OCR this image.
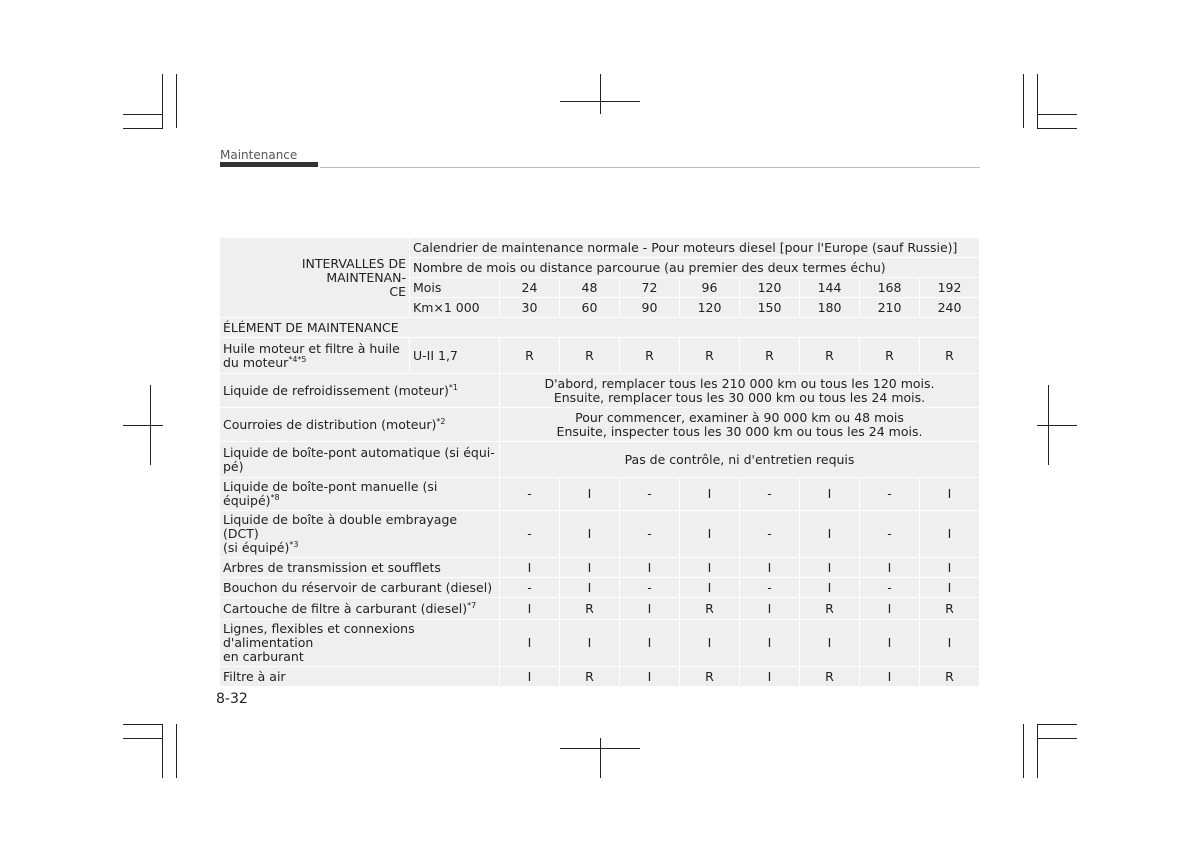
Maintenance
INTERVALLES DE MAINTENAN-
CE	Calendrier de maintenance normale - Pour moteurs diesel [pour l'Europe (sauf Russie)]								
	Nombre de mois ou distance parcourue (au premier des deux termes échu)								
	Mois	24	48	72	96	120	144	168	192
	Km×1 000	30	60	90	120	150	180	210	240
ÉLÉMENT DE MAINTENANCE									
Huile moteur et filtre à huile
du moteur$^{*4*5}$	U-II 1,7	R	R	R	R	R	R	R	R
Liquide de refroidissement (moteur)$^{*1}$		D'abord, remplacer tous les 210 000 km ou tous les 120 mois.
Ensuite, remplacer tous les 30 000 km ou tous les 24 mois.							
Courroies de distribution (moteur)$^{*2}$		Pour commencer, examiner à 90 000 km ou 48 mois
Ensuite, inspecter tous les 30 000 km ou tous les 24 mois.							
Liquide de boîte-pont automatique (si équi-
pé)		Pas de contrôle, ni d'entretien requis							
Liquide de boîte-pont manuelle (si équipé)$^{*8}$		-	I	-	I	-	I	-	I
Liquide de boîte à double embrayage (DCT)
(si équipé)$^{*3}$		-	I	-	I	-	I	-	I
Arbres de transmission et soufflets		I	I	I	I	I	I	I	I
Bouchon du réservoir de carburant (diesel)		-	I	-	I	-	I	-	I
Cartouche de filtre à carburant (diesel)$^{*7}$		I	R	I	R	I	R	I	R
Lignes, flexibles et connexions d'alimentation
en carburant		I	I	I	I	I	I	I	I
Filtre à air		I	R	I	R	I	R	I	R
8-32
